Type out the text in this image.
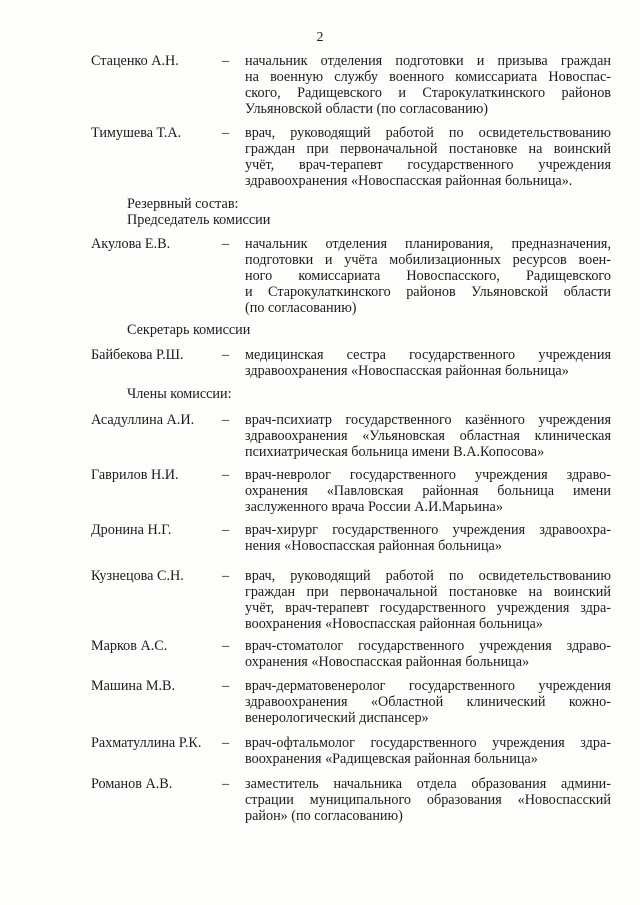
2
Стаценко А.Н.	– начальник отделения подготовки и призыва граждан
на военную службу военного комиссариата Новоспас-
ского, Радищевского и Старокулаткинского районов
Ульяновской области (по согласованию)
Тимушева Т.А.	– врач, руководящий работой по освидетельствованию
граждан при первоначальной постановке на воинский
учёт, врач-терапевт государственного учреждения
здравоохранения «Новоспасская районная больница».
Резервный состав:
Председатель комиссии
Акулова Е.В.	– начальник отделения планирования, предназначения,
подготовки и учёта мобилизационных ресурсов воен-
ного комиссариата Новоспасского, Радищевского
и Старокулаткинского районов Ульяновской области
(по согласованию)
Секретарь комиссии
Байбекова Р.Ш.	– медицинская сестра государственного учреждения
здравоохранения «Новоспасская районная больница»
Члены комиссии:
Асадуллина А.И. – врач-психиатр государственного казённого учреждения
здравоохранения «Ульяновская областная клиническая
психиатрическая больница имени В.А.Копосова»
Гаврилов Н.И.	– врач-невролог государственного учреждения здраво-
охранения «Павловская районная больница имени
заслуженного врача России А.И.Марьина»
Дронина Н.Г.	– врач-хирург государственного учреждения здравоохра-
нения «Новоспасская районная больница»
Кузнецова С.Н.	– врач, руководящий работой по освидетельствованию
граждан при первоначальной постановке на воинский
учёт, врач-терапевт государственного учреждения здра-
воохранения «Новоспасская районная больница»
Марков А.С.	– врач-стоматолог государственного учреждения здраво-
охранения «Новоспасская районная больница»
Машина М.В.	– врач-дерматовенеролог государственного учреждения
здравоохранения «Областной клинический кожно-
венерологический диспансер»
Рахматуллина Р.К. – врач-офтальмолог государственного учреждения здра-
воохранения «Радищевская районная больница»
Романов А.В.	– заместитель начальника отдела образования админи-
страции муниципального образования «Новоспасский
район» (по согласованию)
